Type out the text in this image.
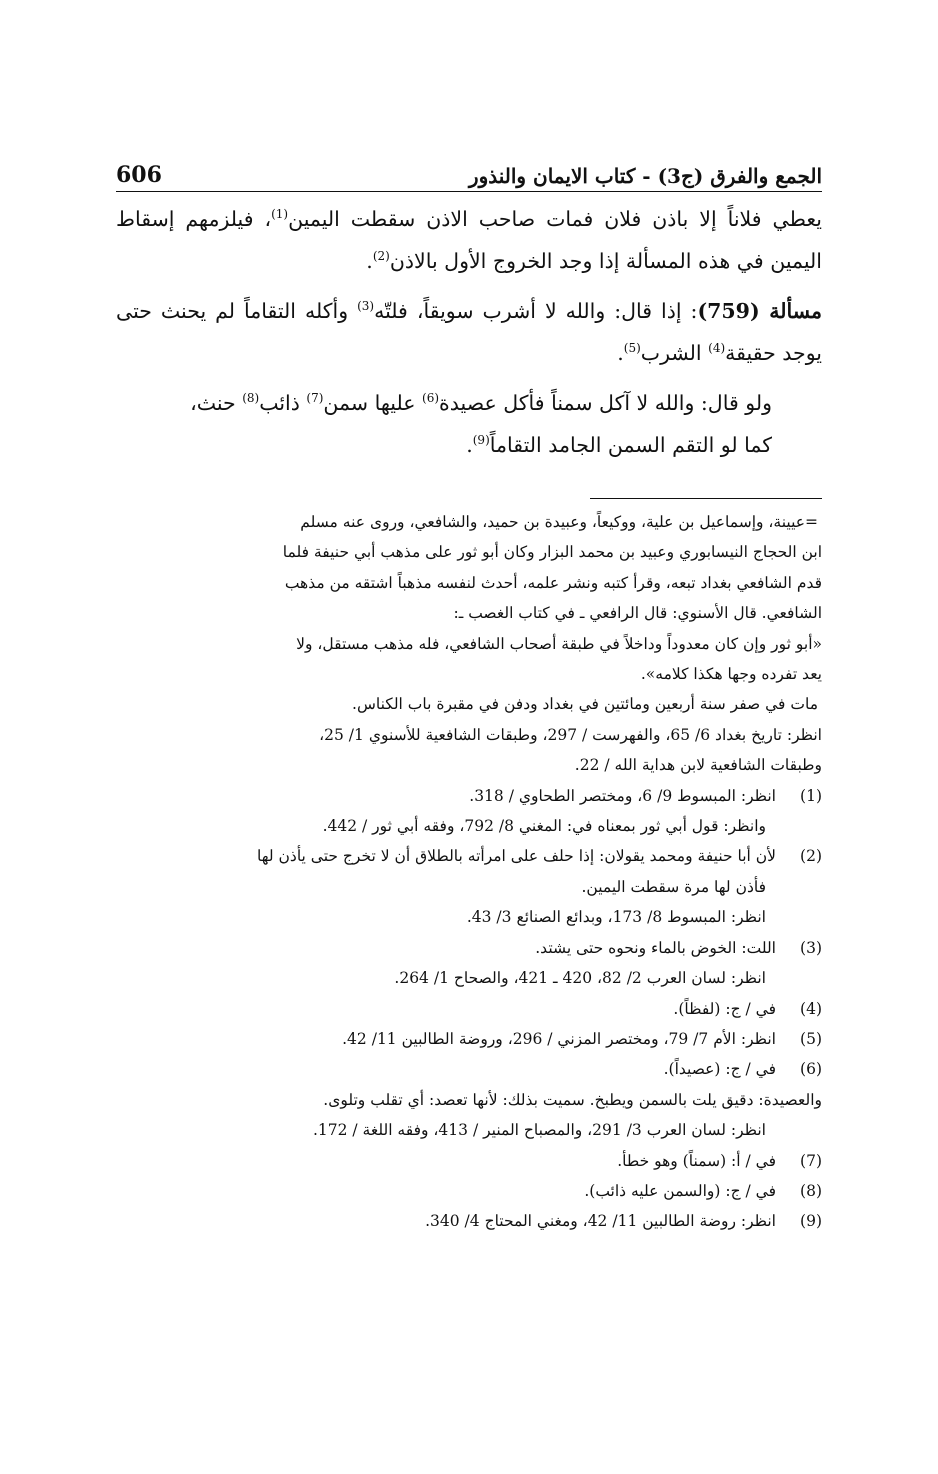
الجمع والفرق (ج3) - كتاب الايمان والنذور
606

يعطي فلاناً إلا باذن فلان فمات صاحب الاذن سقطت اليمين$^{(1)}$، فيلزمهم إسقاط اليمين في هذه المسألة إذا وجد الخروج الأول بالاذن$^{(2)}$.

مسألة (759): إذا قال: والله لا أشرب سويقاً، فلتّه$^{(3)}$ وأكله التقاماً لم يحنث حتى يوجد حقيقة$^{(4)}$ الشرب$^{(5)}$.

ولو قال: والله لا آكل سمناً فأكل عصيدة$^{(6)}$ عليها سمن$^{(7)}$ ذائب$^{(8)}$ حنث،
كما لو التقم السمن الجامد التقاماً$^{(9)}$.

=عيينة، وإسماعيل بن علية، ووكيعاً، وعبيدة بن حميد، والشافعي، وروى عنه مسلم
ابن الحجاج النيسابوري وعبيد بن محمد البزار وكان أبو ثور على مذهب أبي حنيفة فلما
قدم الشافعي بغداد تبعه، وقرأ كتبه ونشر علمه، أحدث لنفسه مذهباً اشتقه من مذهب
الشافعي. قال الأسنوي: قال الرافعي ـ في كتاب الغصب ـ:
«أبو ثور وإن كان معدوداً وداخلاً في طبقة أصحاب الشافعي، فله مذهب مستقل، ولا
يعد تفرده وجها هكذا كلامه».
مات في صفر سنة أربعين ومائتين في بغداد ودفن في مقبرة باب الكناس.
انظر: تاريخ بغداد 6/ 65، والفهرست / 297، وطبقات الشافعية للأسنوي 1/ 25،
وطبقات الشافعية لابن هداية الله / 22.
(1)
انظر: المبسوط 9/ 6، ومختصر الطحاوي / 318.
وانظر: قول أبي ثور بمعناه في: المغني 8/ 792، وفقه أبي ثور / 442.
(2)
لأن أبا حنيفة ومحمد يقولان: إذا حلف على امرأته بالطلاق أن لا تخرج حتى يأذن لها
فأذن لها مرة سقطت اليمين.
انظر: المبسوط 8/ 173، وبدائع الصنائع 3/ 43.
(3)
اللت: الخوض بالماء ونحوه حتى يشتد.
انظر: لسان العرب 2/ 82، 420 ـ 421، والصحاح 1/ 264.
(4)
في / ج: (لفظاً).
(5)
انظر: الأم 7/ 79، ومختصر المزني / 296، وروضة الطالبين 11/ 42.
(6)
في / ج: (عصيداً).
والعصيدة: دقيق يلت بالسمن ويطبخ. سميت بذلك: لأنها تعصد: أي تقلب وتلوى.
انظر: لسان العرب 3/ 291، والمصباح المنير / 413، وفقه اللغة / 172.
(7)
في / أ: (سمناً) وهو خطأ.
(8)
في / ج: (والسمن عليه ذائب).
(9)
انظر: روضة الطالبين 11/ 42، ومغني المحتاج 4/ 340.
